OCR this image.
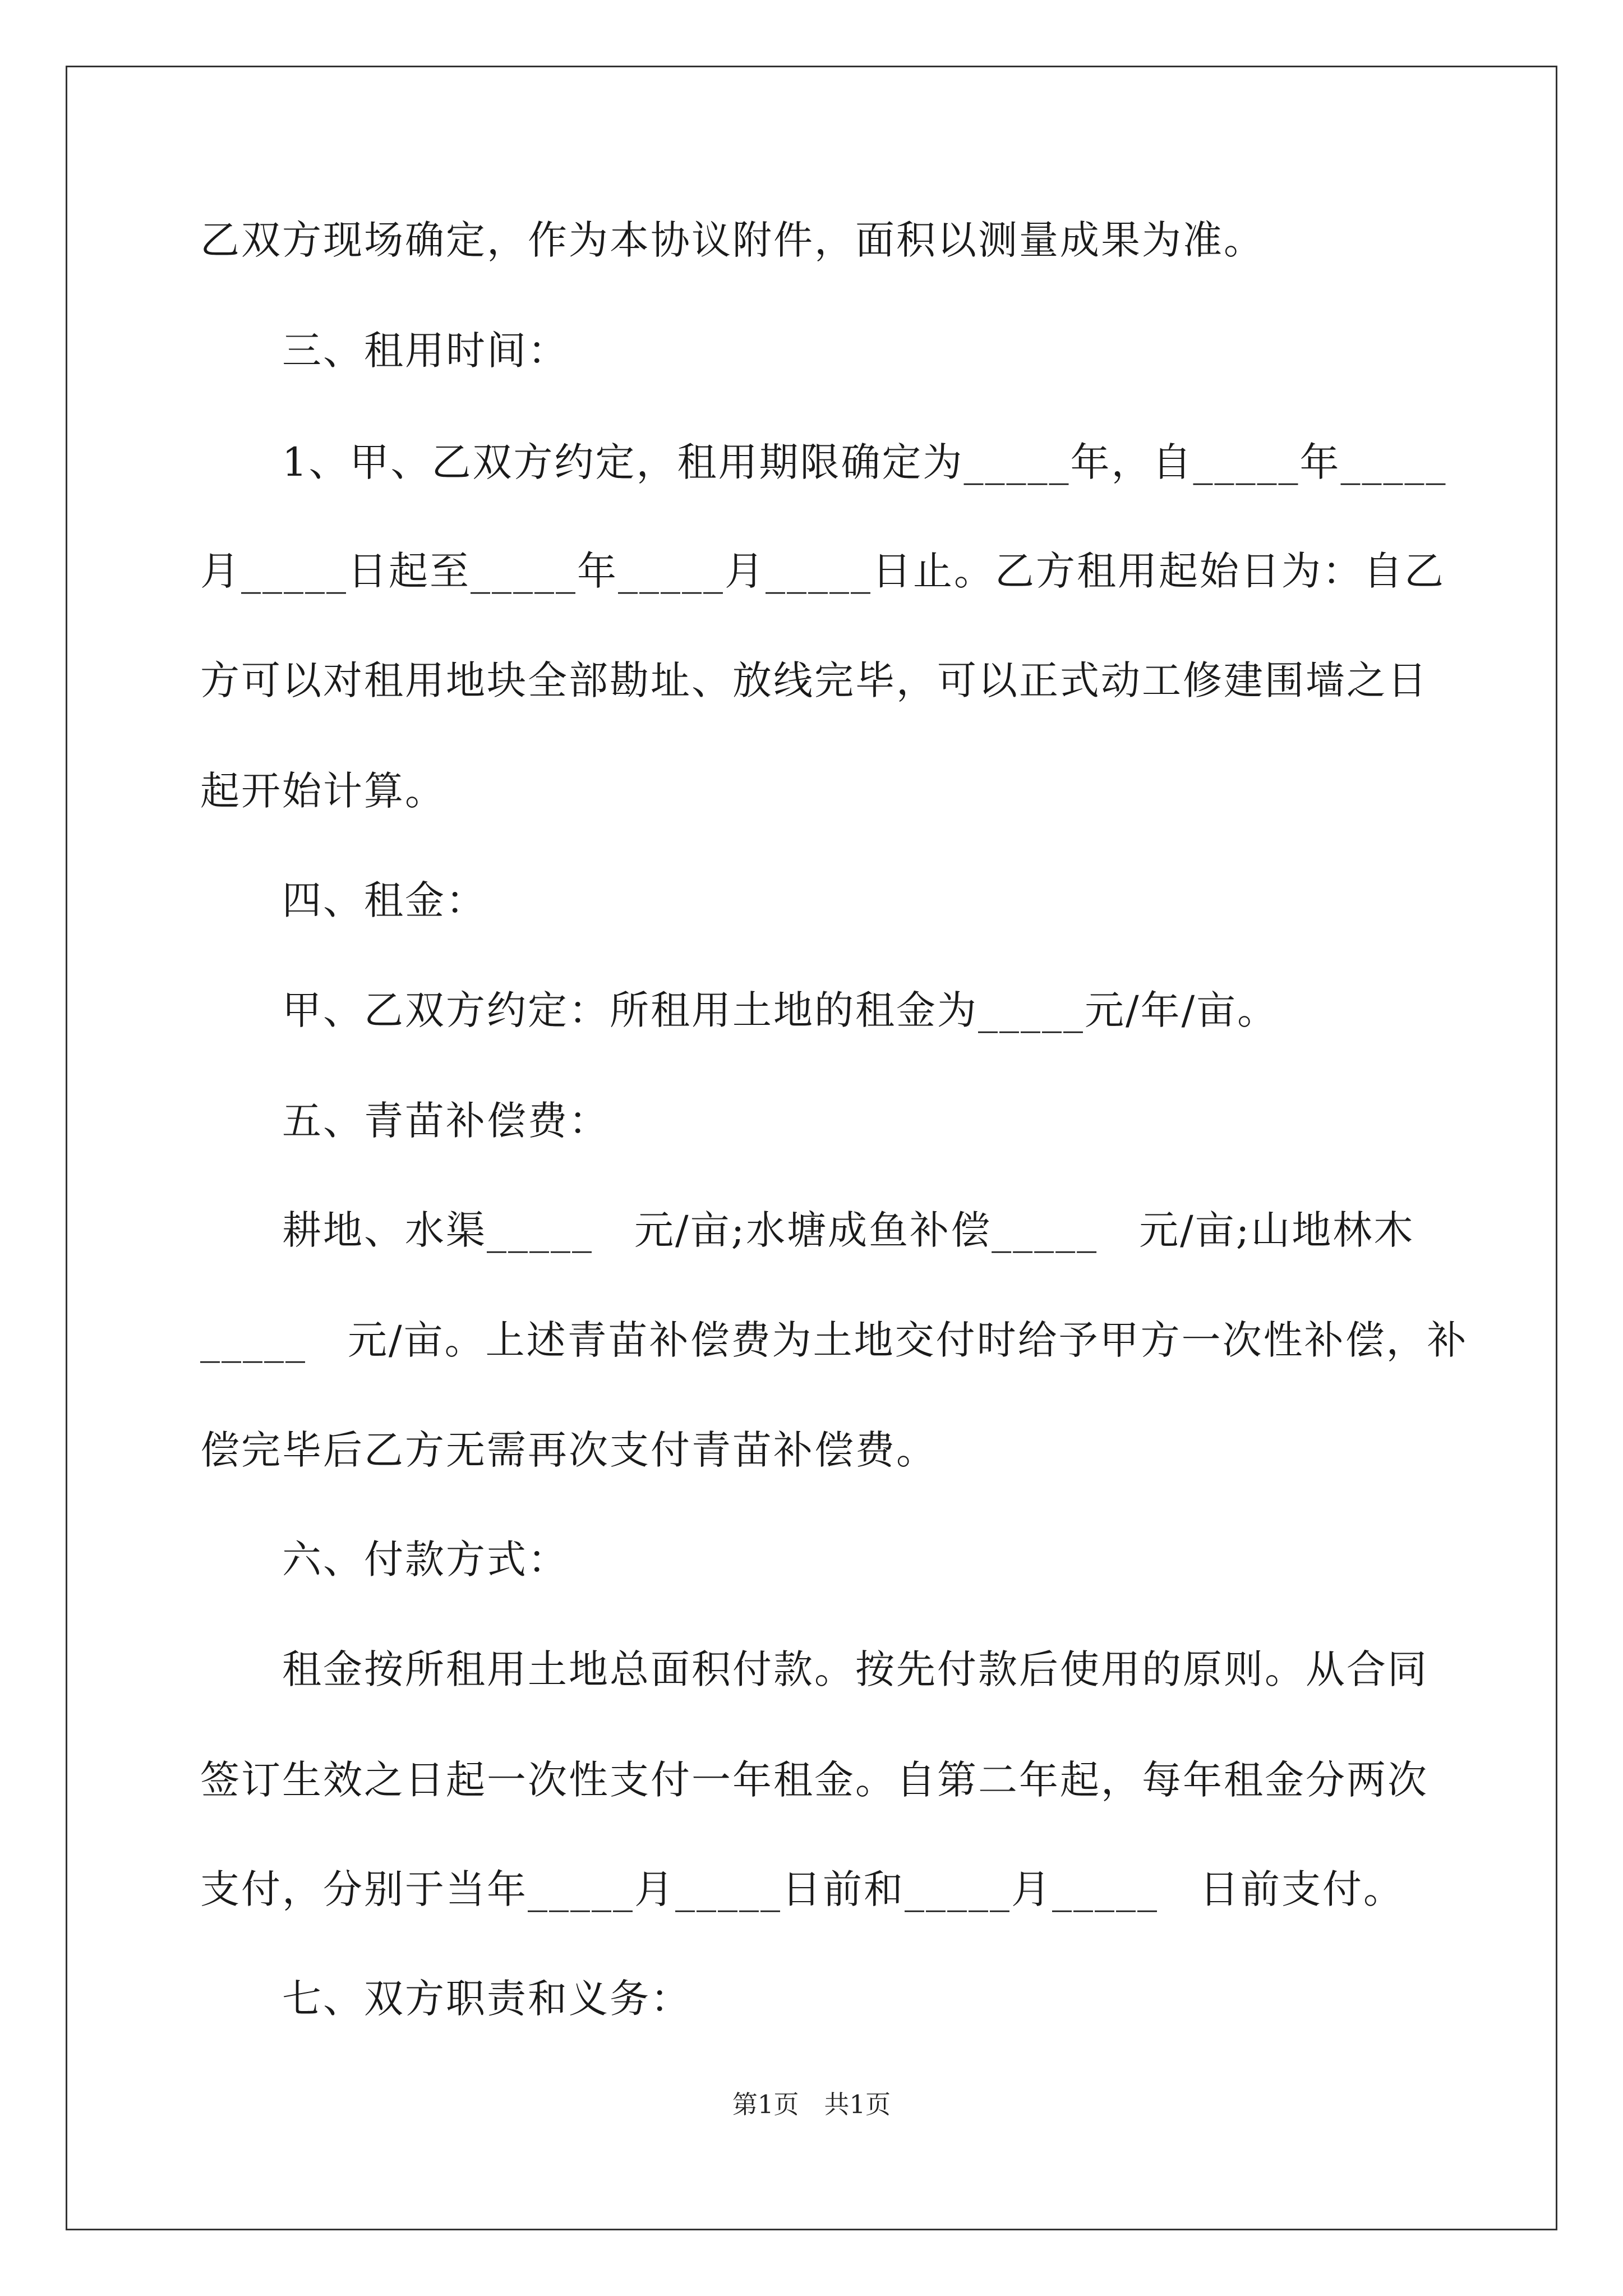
乙双方现场确定，作为本协议附件，面积以测量成果为准。
　　三、租用时间：
　　1、甲、乙双方约定，租用期限确定为_____年，自_____年_____
月_____日起至_____年_____月_____日止。乙方租用起始日为：自乙
方可以对租用地块全部勘址、放线完毕，可以正式动工修建围墙之日
起开始计算。
　　四、租金：
　　甲、乙双方约定：所租用土地的租金为_____元/年/亩。
　　五、青苗补偿费：
　　耕地、水渠_____　元/亩;水塘成鱼补偿_____　元/亩;山地林木
_____　元/亩。上述青苗补偿费为土地交付时给予甲方一次性补偿，补
偿完毕后乙方无需再次支付青苗补偿费。
　　六、付款方式：
　　租金按所租用土地总面积付款。按先付款后使用的原则。从合同
签订生效之日起一次性支付一年租金。自第二年起，每年租金分两次
支付，分别于当年_____月_____日前和_____月_____　日前支付。
　　七、双方职责和义务：
第1页　共1页
